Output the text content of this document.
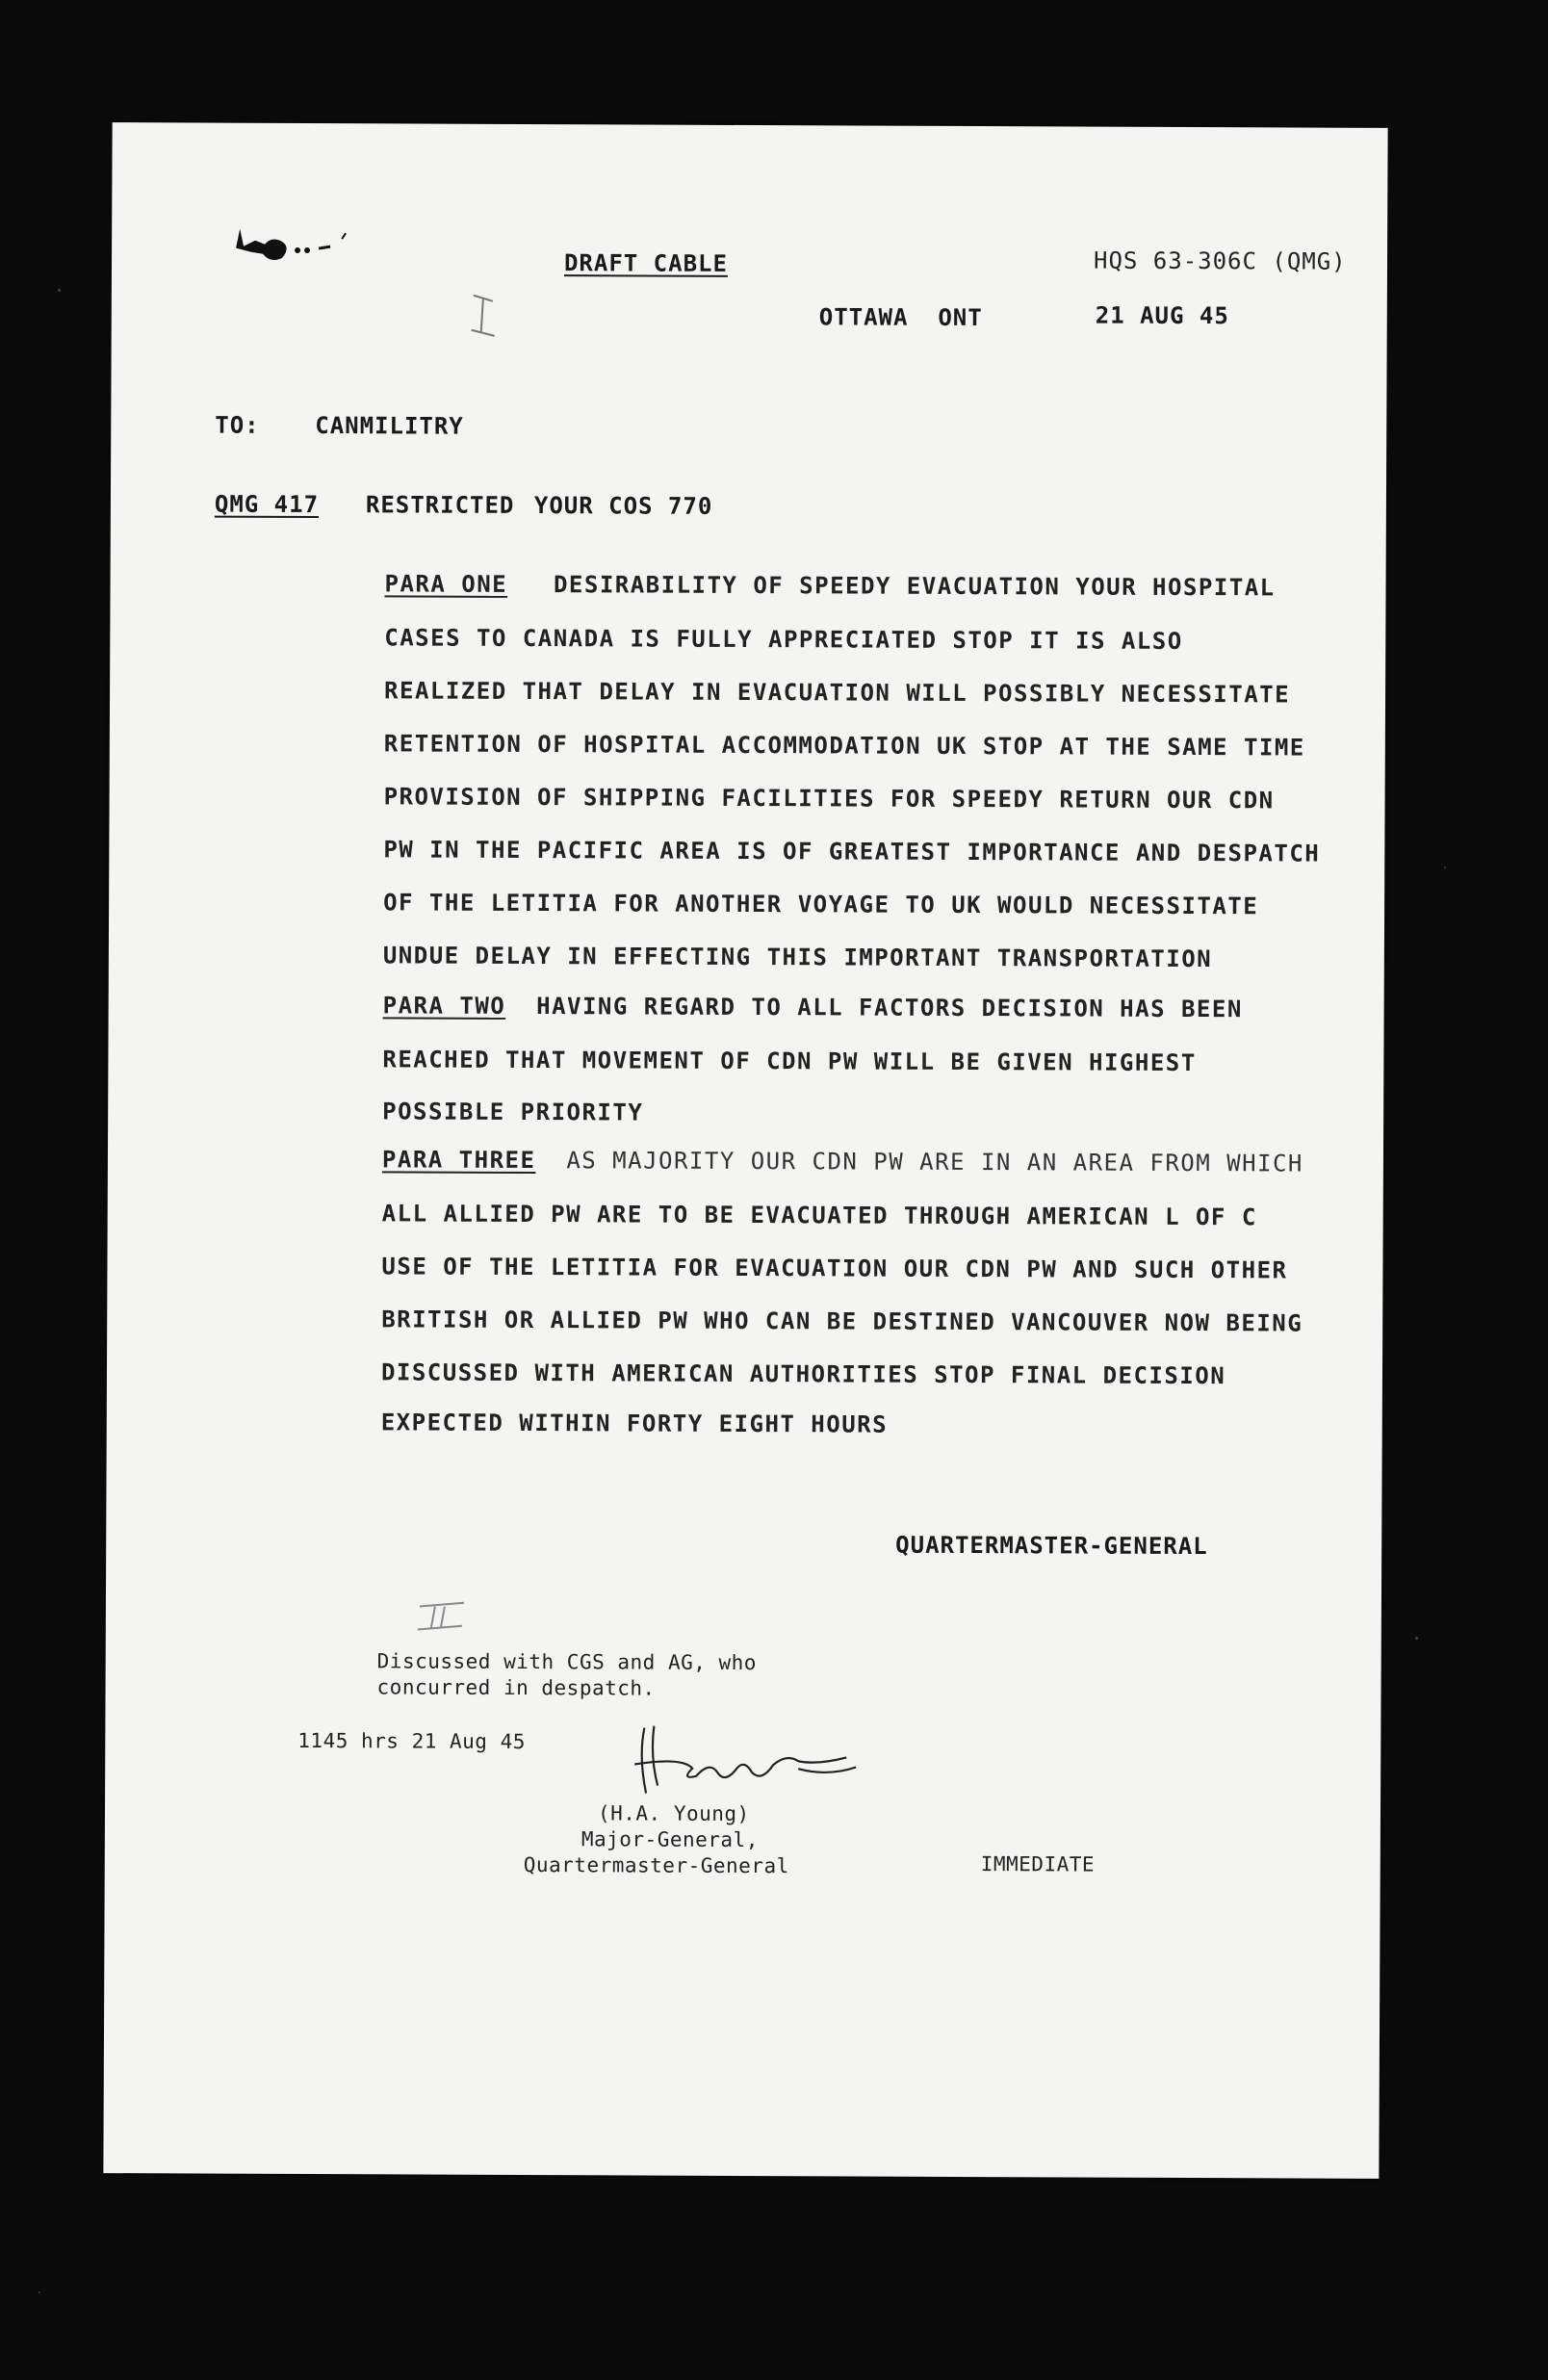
DRAFT CABLE	HQS 63-306C (QMG)
OTTAWA  ONT	21 AUG 45
TO: CANMILITRY
QMG 417 RESTRICTED YOUR COS 770
PARA ONE DESIRABILITY OF SPEEDY EVACUATION YOUR HOSPITAL
CASES TO CANADA IS FULLY APPRECIATED STOP IT IS ALSO
REALIZED THAT DELAY IN EVACUATION WILL POSSIBLY NECESSITATE
RETENTION OF HOSPITAL ACCOMMODATION UK STOP AT THE SAME TIME
PROVISION OF SHIPPING FACILITIES FOR SPEEDY RETURN OUR CDN
PW IN THE PACIFIC AREA IS OF GREATEST IMPORTANCE AND DESPATCH
OF THE LETITIA FOR ANOTHER VOYAGE TO UK WOULD NECESSITATE
UNDUE DELAY IN EFFECTING THIS IMPORTANT TRANSPORTATION
PARA TWO HAVING REGARD TO ALL FACTORS DECISION HAS BEEN
REACHED THAT MOVEMENT OF CDN PW WILL BE GIVEN HIGHEST
POSSIBLE PRIORITY
PARA THREE AS MAJORITY OUR CDN PW ARE IN AN AREA FROM WHICH
ALL ALLIED PW ARE TO BE EVACUATED THROUGH AMERICAN L OF C
USE OF THE LETITIA FOR EVACUATION OUR CDN PW AND SUCH OTHER
BRITISH OR ALLIED PW WHO CAN BE DESTINED VANCOUVER NOW BEING
DISCUSSED WITH AMERICAN AUTHORITIES STOP FINAL DECISION
EXPECTED WITHIN FORTY EIGHT HOURS
QUARTERMASTER-GENERAL
Discussed with CGS and AG, who
concurred in despatch.
1145 hrs 21 Aug 45
(H.A. Young)
Major-General,
Quartermaster-General	IMMEDIATE
